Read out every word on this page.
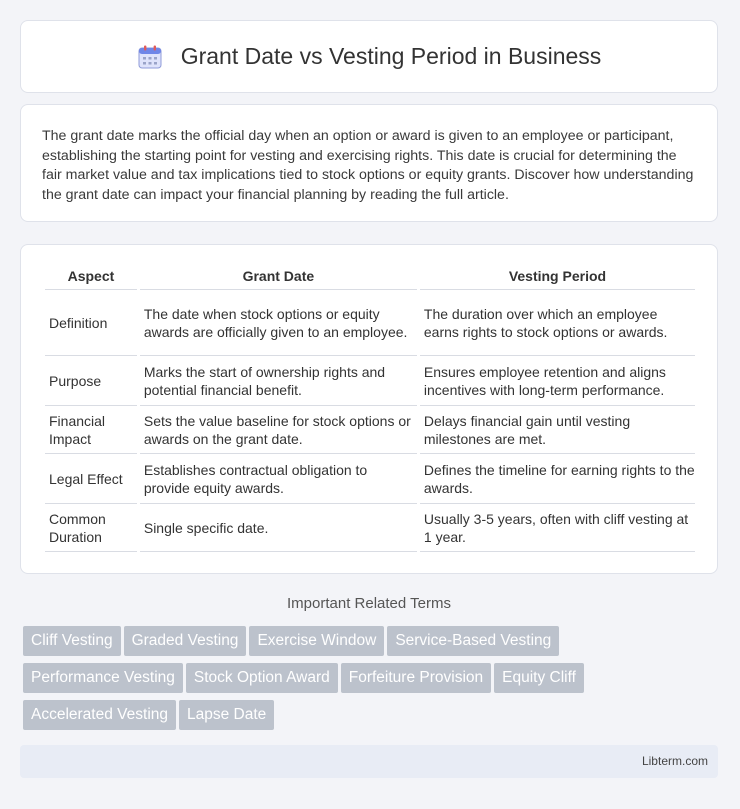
Grant Date vs Vesting Period in Business

The grant date marks the official day when an option or award is given to an employee or participant, establishing the starting point for vesting and exercising rights. This date is crucial for determining the fair market value and tax implications tied to stock options or equity grants. Discover how understanding the grant date can impact your financial planning by reading the full article.

Aspect	Grant Date	Vesting Period
Definition	The date when stock options or equity awards are officially given to an employee.	The duration over which an employee earns rights to stock options or awards.
Purpose	Marks the start of ownership rights and potential financial benefit.	Ensures employee retention and aligns incentives with long-term performance.
Financial Impact	Sets the value baseline for stock options or awards on the grant date.	Delays financial gain until vesting milestones are met.
Legal Effect	Establishes contractual obligation to provide equity awards.	Defines the timeline for earning rights to the awards.
Common Duration	Single specific date.	Usually 3-5 years, often with cliff vesting at 1 year.
Important Related Terms
Cliff Vesting Graded Vesting Exercise Window Service-Based Vesting
Performance Vesting Stock Option Award Forfeiture Provision Equity Cliff
Accelerated Vesting Lapse Date
Libterm.com
